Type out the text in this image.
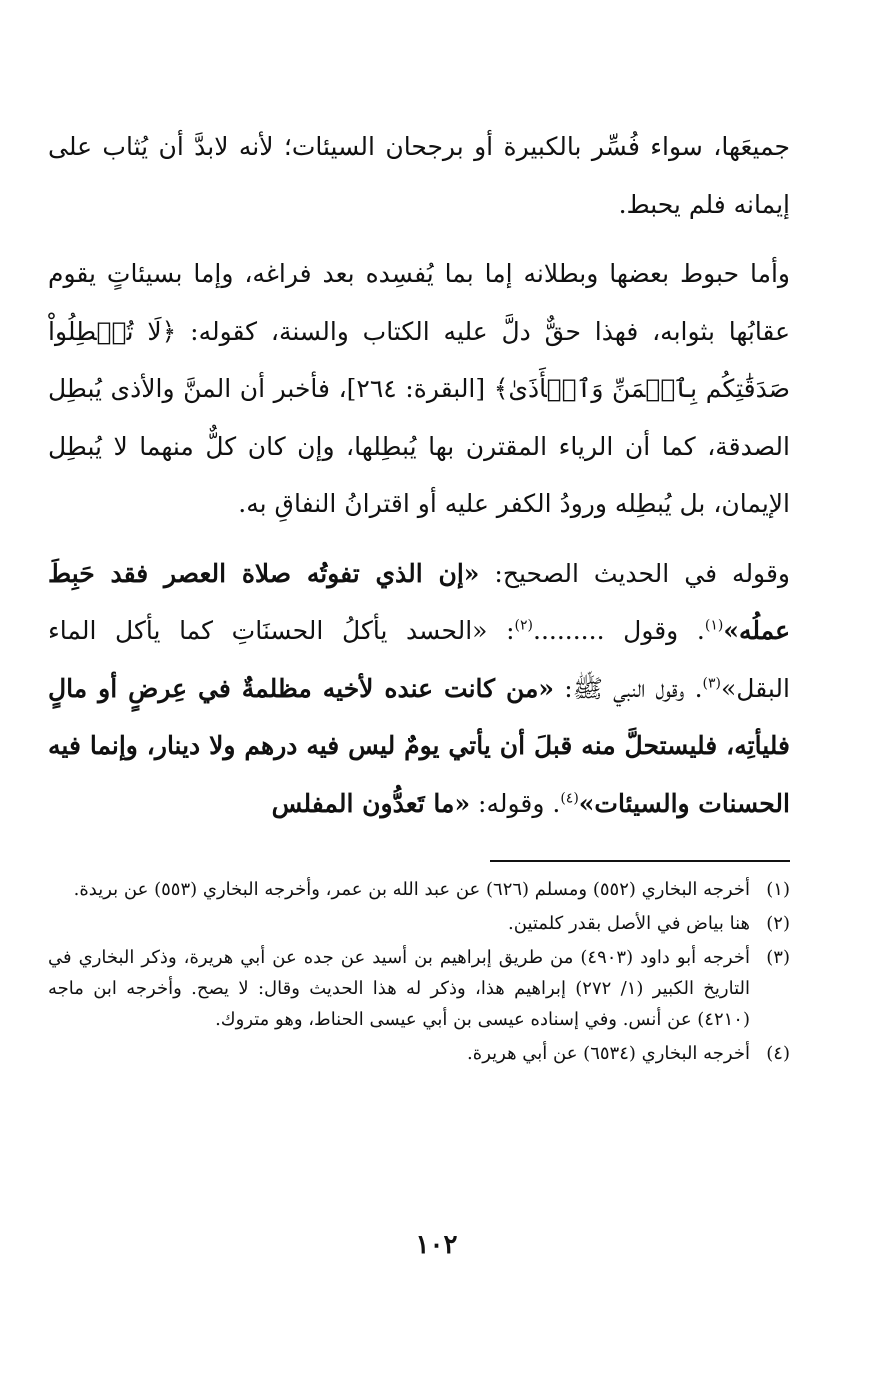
جميعَها، سواء فُسِّر بالكبيرة أو برجحان السيئات؛ لأنه لابدَّ أن يُثاب على إيمانه فلم يحبط.

وأما حبوط بعضها وبطلانه إما بما يُفسِده بعد فراغه، وإما بسيئاتٍ يقوم عقابُها بثوابه، فهذا حقٌّ دلَّ عليه الكتاب والسنة، كقوله: ﴿لَا تُبۡطِلُواْ صَدَقَٰتِكُم بِٱلۡمَنِّ وَٱلۡأَذَىٰ﴾ [البقرة: ٢٦٤]، فأخبر أن المنَّ والأذى يُبطِل الصدقة، كما أن الرياء المقترن بها يُبطِلها، وإن كان كلٌّ منهما لا يُبطِل الإيمان، بل يُبطِله ورودُ الكفر عليه أو اقترانُ النفاقِ به.

وقوله في الحديث الصحيح: «إن الذي تفوتُه صلاة العصر فقد حَبِطَ عملُه»$^{(١)}$. وقول .........$^{(٢)}$: «الحسد يأكلُ الحسنَاتِ كما يأكل الماء البقل»$^{(٣)}$. وقول النبي ﷺ: «من كانت عنده لأخيه مظلمةٌ في عِرضٍ أو مالٍ فليأتِه، فليستحلَّ منه قبلَ أن يأتي يومٌ ليس فيه درهم ولا دينار، وإنما فيه الحسنات والسيئات»$^{(٤)}$. وقوله: «ما تَعدُّون المفلس

(١)
أخرجه البخاري (٥٥٢) ومسلم (٦٢٦) عن عبد الله بن عمر، وأخرجه البخاري (٥٥٣) عن بريدة.
(٢)
هنا بياض في الأصل بقدر كلمتين.
(٣)
أخرجه أبو داود (٤٩٠٣) من طريق إبراهيم بن أسيد عن جده عن أبي هريرة، وذكر البخاري في التاريخ الكبير (١/ ٢٧٢) إبراهيم هذا، وذكر له هذا الحديث وقال: لا يصح. وأخرجه ابن ماجه (٤٢١٠) عن أنس. وفي إسناده عيسى بن أبي عيسى الحناط، وهو متروك.
(٤)
أخرجه البخاري (٦٥٣٤) عن أبي هريرة.
١٠٢
